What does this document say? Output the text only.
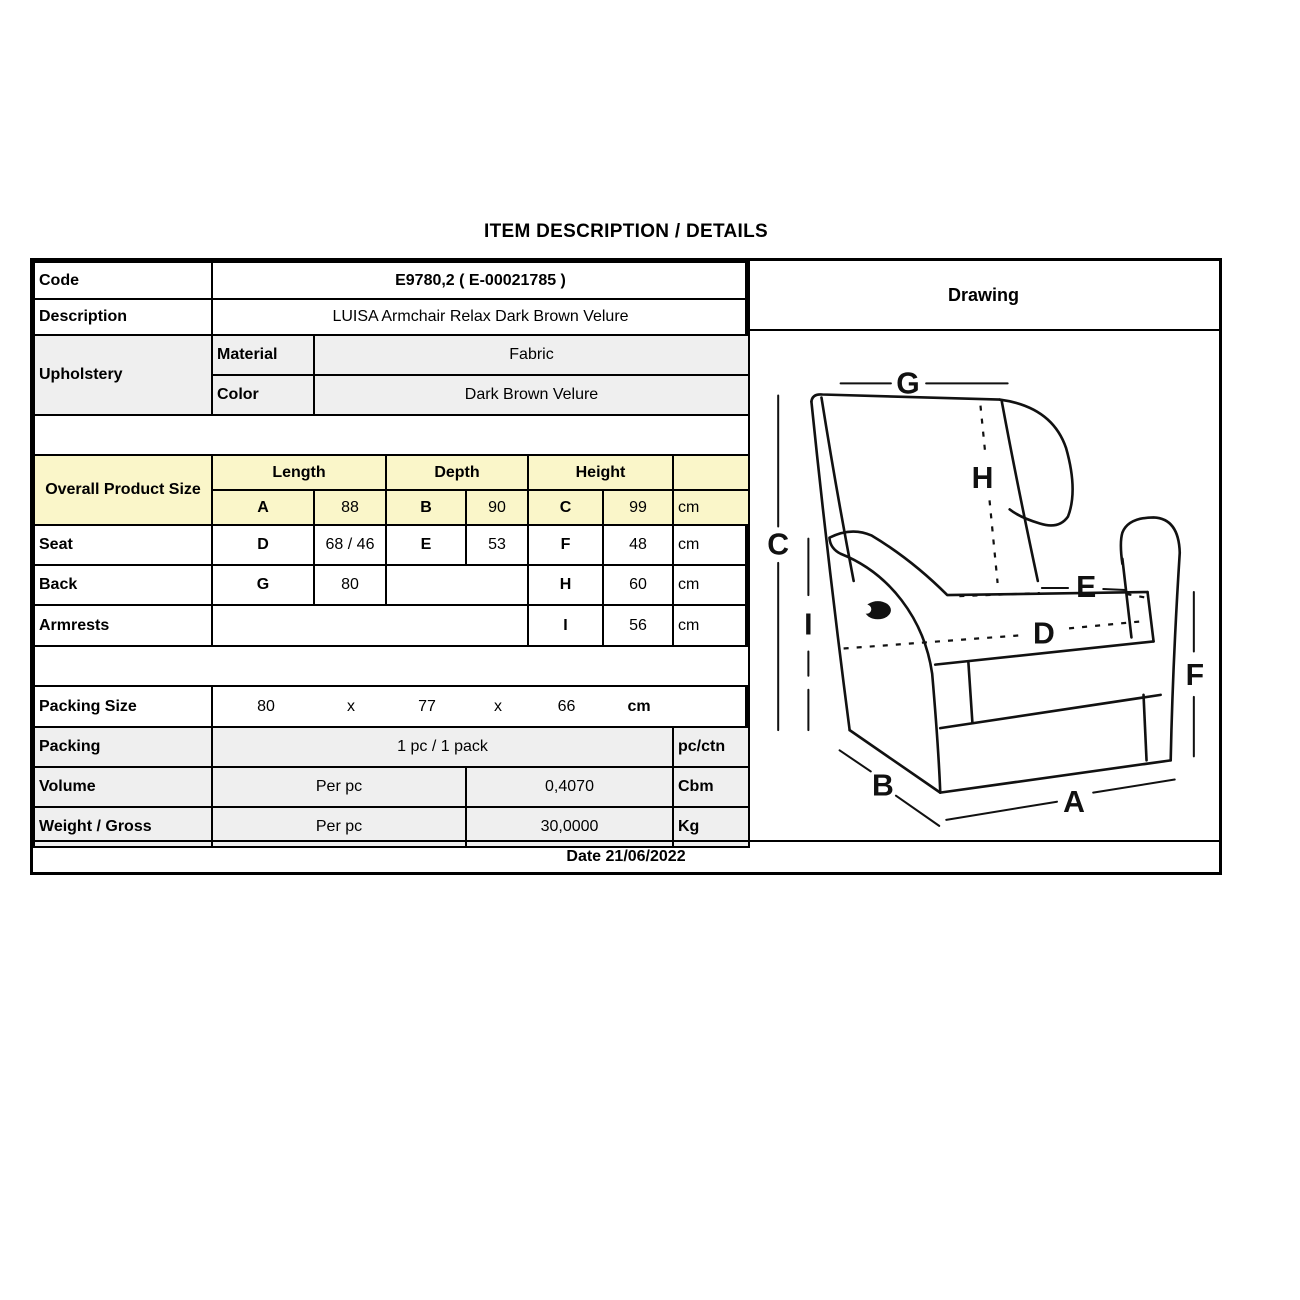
ITEM DESCRIPTION / DETAILS
Code	E9780,2 ( E-00021785 )						
Description	LUISA Armchair Relax Dark Brown Velure						
Upholstery	Material	Fabric					
	Color	Dark Brown Velure					

Overall Product Size	Length		Depth		Height		
	A	88	B	90	C	99	cm
Seat	D	68 / 46	E	53	F	48	cm
Back	G	80			H	60	cm
Armrests					I	56	cm

Packing Size	80	x	77	x	66	cm

Packing	1 pc / 1 pack						pc/ctn
Volume	Per pc			0,4070			Cbm
Weight / Gross	Per pc			30,0000			Kg
Drawing
G
H
C
I
E
D
F
B	A
Date 21/06/2022
